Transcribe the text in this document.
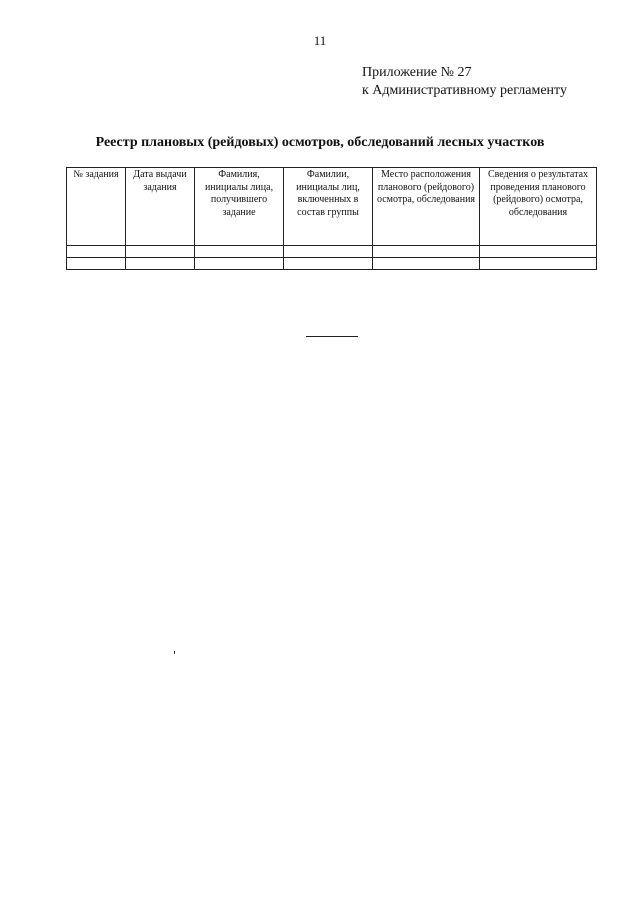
11
Приложение № 27
к Административному регламенту
Реестр плановых (рейдовых) осмотров, обследований лесных участков
№ задания	Дата выдачи задания	Фамилия, инициалы лица, получившего задание	Фамилии, инициалы лиц, включенных в состав группы	Место расположения планового (рейдового) осмотра, обследования	Сведения о результатах проведения планового (рейдового) осмотра, обследования
